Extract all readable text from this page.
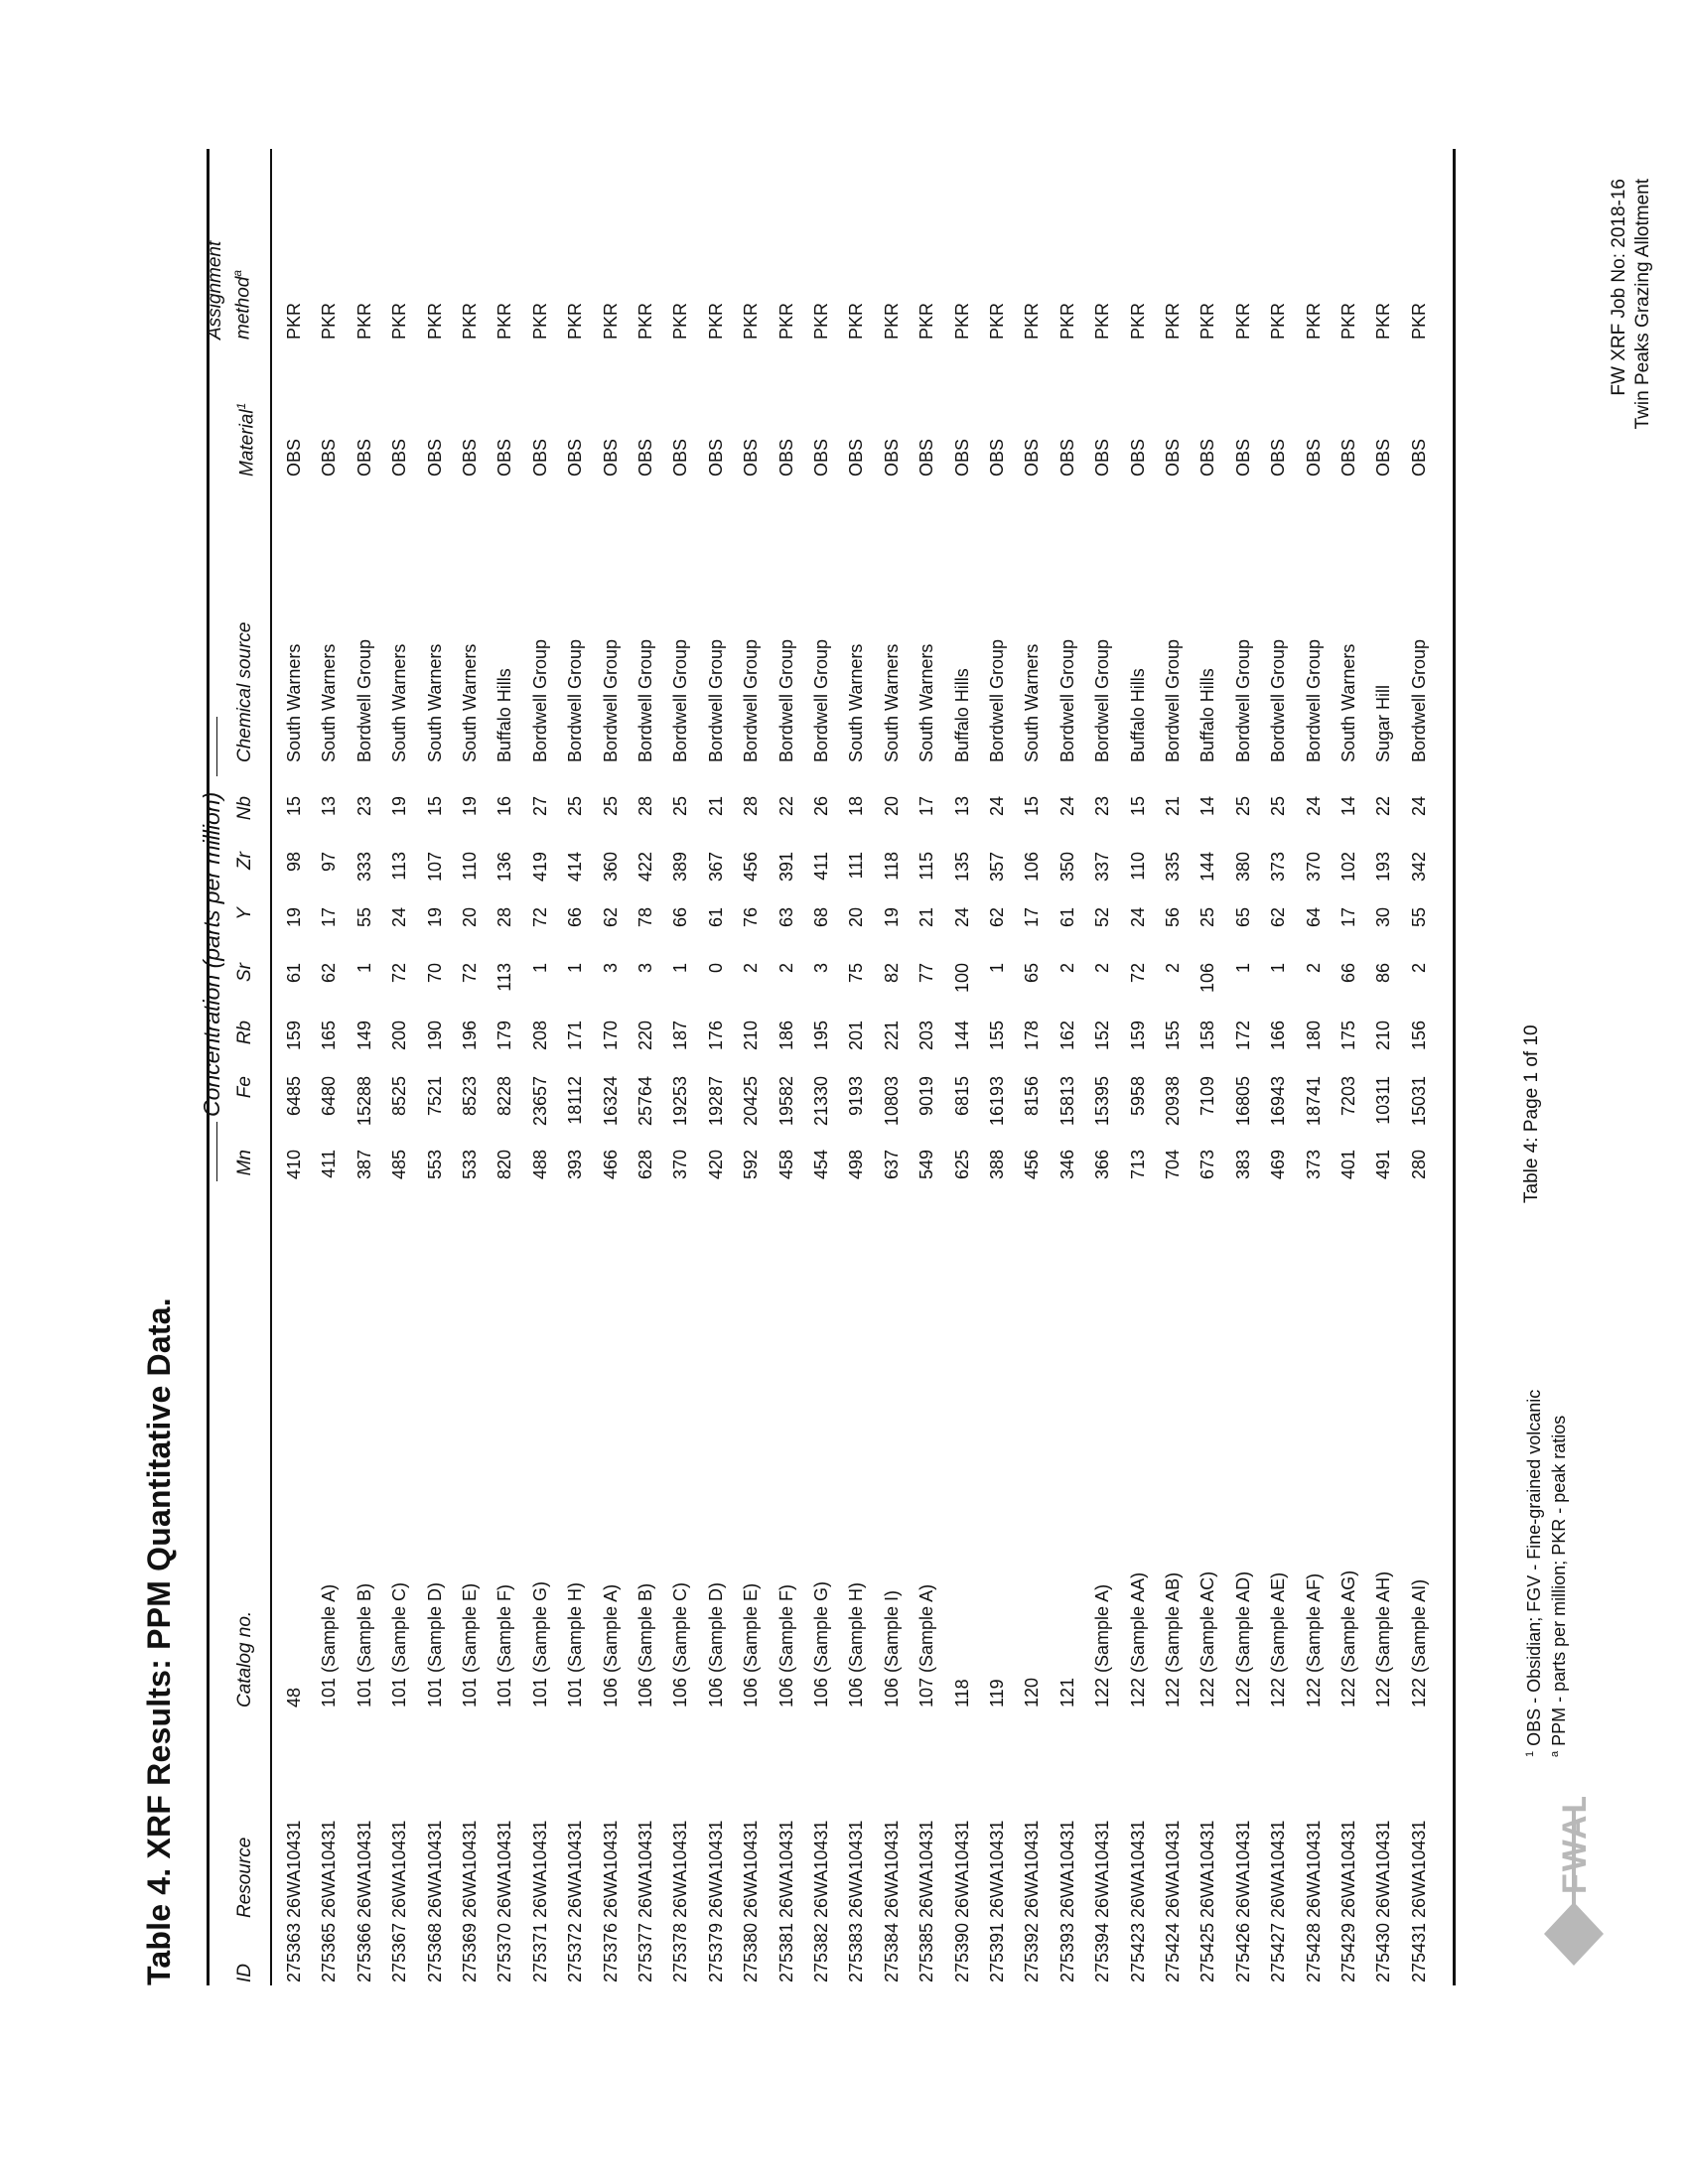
Table 4. XRF Results: PPM Quantitative Data.
Concentration (parts per million)
ID
Resource
Catalog no.
Mn
Fe
Rb
Sr
Y
Zr
Nb
Chemical source
Material$^1$
Assignment method$^a$
275363
26WA10431
48
410
6485
159
61
19
98
15
South Warners
OBS
PKR
275365
26WA10431
101 (Sample A)
411
6480
165
62
17
97
13
South Warners
OBS
PKR
275366
26WA10431
101 (Sample B)
387
15288
149
1
55
333
23
Bordwell Group
OBS
PKR
275367
26WA10431
101 (Sample C)
485
8525
200
72
24
113
19
South Warners
OBS
PKR
275368
26WA10431
101 (Sample D)
553
7521
190
70
19
107
15
South Warners
OBS
PKR
275369
26WA10431
101 (Sample E)
533
8523
196
72
20
110
19
South Warners
OBS
PKR
275370
26WA10431
101 (Sample F)
820
8228
179
113
28
136
16
Buffalo Hills
OBS
PKR
275371
26WA10431
101 (Sample G)
488
23657
208
1
72
419
27
Bordwell Group
OBS
PKR
275372
26WA10431
101 (Sample H)
393
18112
171
1
66
414
25
Bordwell Group
OBS
PKR
275376
26WA10431
106 (Sample A)
466
16324
170
3
62
360
25
Bordwell Group
OBS
PKR
275377
26WA10431
106 (Sample B)
628
25764
220
3
78
422
28
Bordwell Group
OBS
PKR
275378
26WA10431
106 (Sample C)
370
19253
187
1
66
389
25
Bordwell Group
OBS
PKR
275379
26WA10431
106 (Sample D)
420
19287
176
0
61
367
21
Bordwell Group
OBS
PKR
275380
26WA10431
106 (Sample E)
592
20425
210
2
76
456
28
Bordwell Group
OBS
PKR
275381
26WA10431
106 (Sample F)
458
19582
186
2
63
391
22
Bordwell Group
OBS
PKR
275382
26WA10431
106 (Sample G)
454
21330
195
3
68
411
26
Bordwell Group
OBS
PKR
275383
26WA10431
106 (Sample H)
498
9193
201
75
20
111
18
South Warners
OBS
PKR
275384
26WA10431
106 (Sample I)
637
10803
221
82
19
118
20
South Warners
OBS
PKR
275385
26WA10431
107 (Sample A)
549
9019
203
77
21
115
17
South Warners
OBS
PKR
275390
26WA10431
118
625
6815
144
100
24
135
13
Buffalo Hills
OBS
PKR
275391
26WA10431
119
388
16193
155
1
62
357
24
Bordwell Group
OBS
PKR
275392
26WA10431
120
456
8156
178
65
17
106
15
South Warners
OBS
PKR
275393
26WA10431
121
346
15813
162
2
61
350
24
Bordwell Group
OBS
PKR
275394
26WA10431
122 (Sample A)
366
15395
152
2
52
337
23
Bordwell Group
OBS
PKR
275423
26WA10431
122 (Sample AA)
713
5958
159
72
24
110
15
Buffalo Hills
OBS
PKR
275424
26WA10431
122 (Sample AB)
704
20938
155
2
56
335
21
Bordwell Group
OBS
PKR
275425
26WA10431
122 (Sample AC)
673
7109
158
106
25
144
14
Buffalo Hills
OBS
PKR
275426
26WA10431
122 (Sample AD)
383
16805
172
1
65
380
25
Bordwell Group
OBS
PKR
275427
26WA10431
122 (Sample AE)
469
16943
166
1
62
373
25
Bordwell Group
OBS
PKR
275428
26WA10431
122 (Sample AF)
373
18741
180
2
64
370
24
Bordwell Group
OBS
PKR
275429
26WA10431
122 (Sample AG)
401
7203
175
66
17
102
14
South Warners
OBS
PKR
275430
26WA10431
122 (Sample AH)
491
10311
210
86
30
193
22
Sugar Hill
OBS
PKR
275431
26WA10431
122 (Sample AI)
280
15031
156
2
55
342
24
Bordwell Group
OBS
PKR
FWAL
$^1$ OBS - Obsidian; FGV - Fine-grained volcanic
$^a$ PPM - parts per million; PKR - peak ratios
Table 4: Page 1 of 10
FW XRF Job No: 2018-16 Twin Peaks Grazing Allotment
